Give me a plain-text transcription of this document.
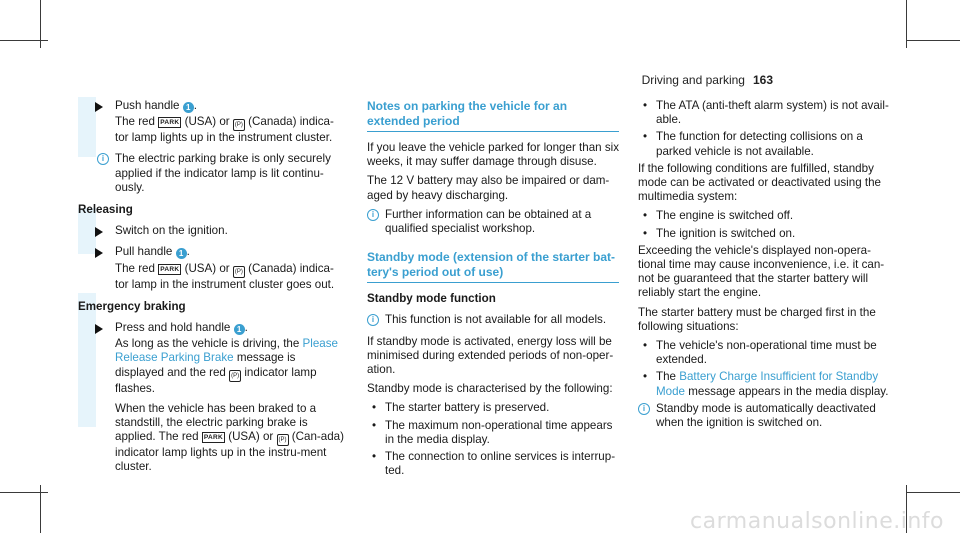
Driving and parking 163
Push handle 1 .
The red PARK (USA) or (P) (Canada) indica-tor lamp lights up in the instrument cluster.
i The electric parking brake is only securely applied if the indicator lamp is lit continu-ously.
Releasing
Switch on the ignition.
Pull handle 1 .
The red PARK (USA) or (P) (Canada) indica-tor lamp in the instrument cluster goes out.
Emergency braking
Press and hold handle 1 .
As long as the vehicle is driving, the Please Release Parking Brake message is displayed and the red (P) indicator lamp flashes.
When the vehicle has been braked to a standstill, the electric parking brake is applied. The red PARK (USA) or (P) (Can-ada) indicator lamp lights up in the instru-ment cluster.
Notes on parking the vehicle for an extended period

If you leave the vehicle parked for longer than six weeks, it may suffer damage through disuse.

The 12 V battery may also be impaired or dam-aged by heavy discharging.

i Further information can be obtained at a qualified specialist workshop.
Standby mode (extension of the starter bat-tery's period out of use)
Standby mode function
i This function is not available for all models.

If standby mode is activated, energy loss will be minimised during extended periods of non-oper-ation.

Standby mode is characterised by the following:

• The starter battery is preserved.
• The maximum non-operational time appears in the media display.
• The connection to online services is interrup-ted.
• The ATA (anti-theft alarm system) is not avail-able.
• The function for detecting collisions on a parked vehicle is not available.

If the following conditions are fulfilled, standby mode can be activated or deactivated using the multimedia system:

• The engine is switched off.
• The ignition is switched on.

Exceeding the vehicle's displayed non-opera-tional time may cause inconvenience, i.e. it can-not be guaranteed that the starter battery will reliably start the engine.

The starter battery must be charged first in the following situations:

• The vehicle's non-operational time must be extended.
• The Battery Charge Insufficient for Standby Mode message appears in the media display.
i Standby mode is automatically deactivated when the ignition is switched on.
carmanualsonline.info
